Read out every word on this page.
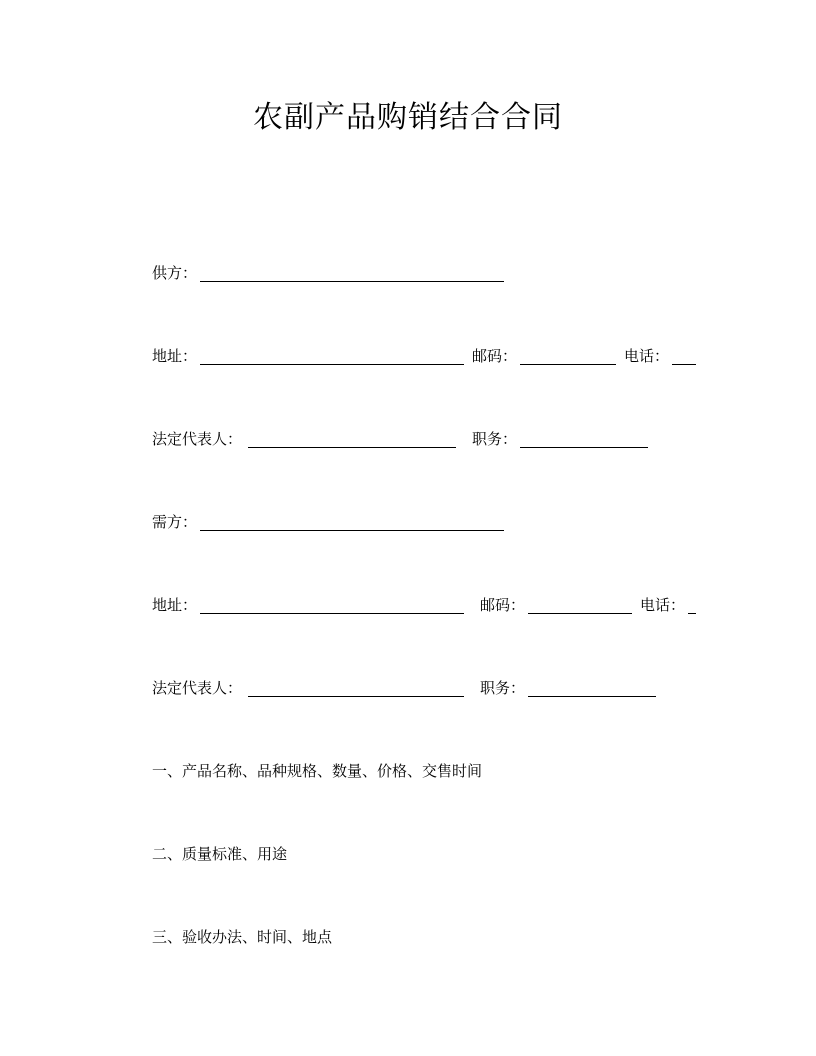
农副产品购销结合合同
供方：
地址：	邮码：	电话：
法定代表人：	职务：
需方：
地址：	邮码：	电话：
法定代表人：	职务：
一、产品名称、品种规格、数量、价格、交售时间
二、质量标准、用途
三、验收办法、时间、地点
